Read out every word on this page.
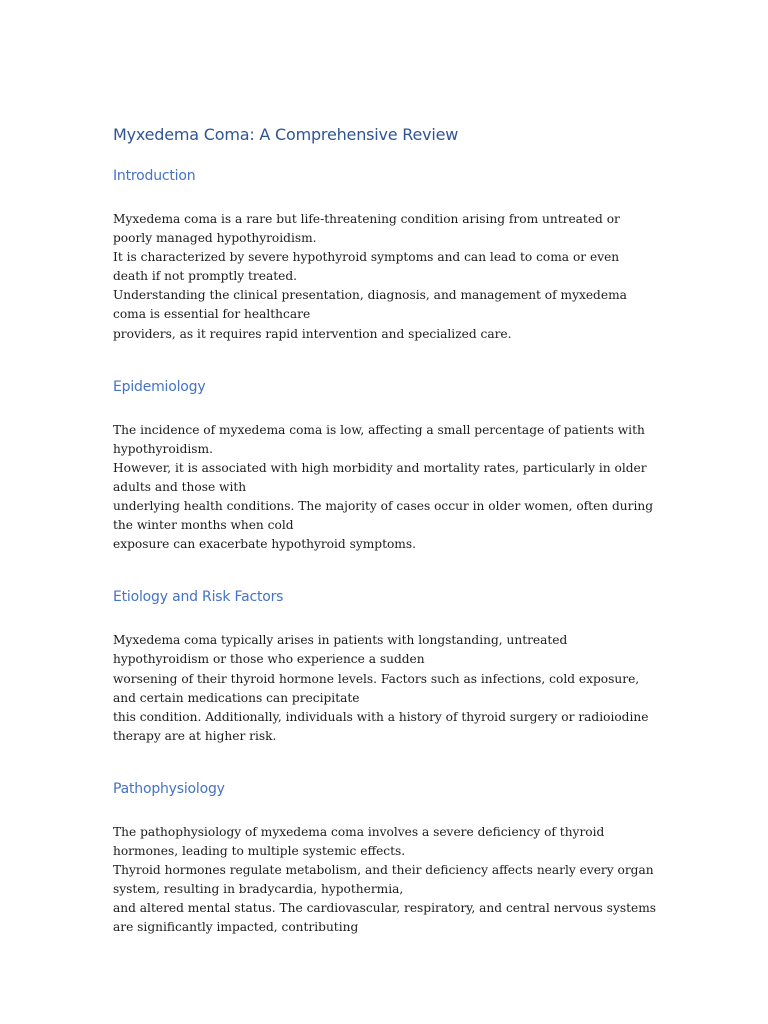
Myxedema Coma: A Comprehensive Review
Introduction

Myxedema coma is a rare but life-threatening condition arising from untreated or poorly managed hypothyroidism.
It is characterized by severe hypothyroid symptoms and can lead to coma or even death if not promptly treated.
Understanding the clinical presentation, diagnosis, and management of myxedema coma is essential for healthcare
providers, as it requires rapid intervention and specialized care.

Epidemiology

The incidence of myxedema coma is low, affecting a small percentage of patients with hypothyroidism.
However, it is associated with high morbidity and mortality rates, particularly in older adults and those with
underlying health conditions. The majority of cases occur in older women, often during the winter months when cold
exposure can exacerbate hypothyroid symptoms.

Etiology and Risk Factors

Myxedema coma typically arises in patients with longstanding, untreated hypothyroidism or those who experience a sudden
worsening of their thyroid hormone levels. Factors such as infections, cold exposure, and certain medications can precipitate
this condition. Additionally, individuals with a history of thyroid surgery or radioiodine therapy are at higher risk.

Pathophysiology

The pathophysiology of myxedema coma involves a severe deficiency of thyroid hormones, leading to multiple systemic effects.
Thyroid hormones regulate metabolism, and their deficiency affects nearly every organ system, resulting in bradycardia, hypothermia,
and altered mental status. The cardiovascular, respiratory, and central nervous systems are significantly impacted, contributing
